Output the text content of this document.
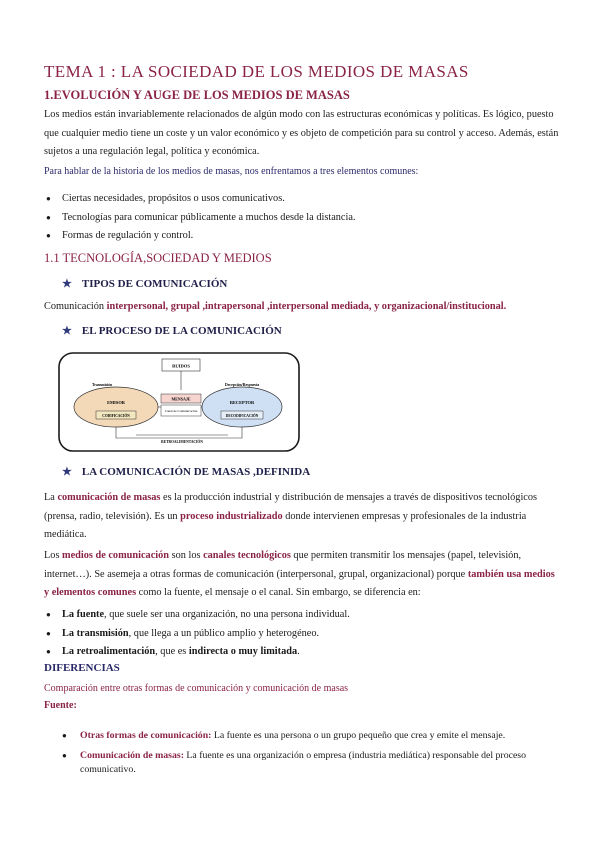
TEMA 1 : LA SOCIEDAD DE LOS MEDIOS DE MASAS
1.EVOLUCIÓN Y AUGE DE LOS MEDIOS DE MASAS
Los medios están invariablemente relacionados de algún modo con las estructuras económicas y políticas. Es lógico, puesto que cualquier medio tiene un coste y un valor económico y es objeto de competición para su control y acceso. Además, están sujetos a una regulación legal, política y económica.
Para hablar de la historia de los medios de masas, nos enfrentamos a tres elementos comunes:
● Ciertas necesidades, propósitos o usos comunicativos.
● Tecnologías para comunicar públicamente a muchos desde la distancia.
● Formas de regulación y control.
1.1 TECNOLOGÍA,SOCIEDAD Y MEDIOS
★ TIPOS DE COMUNICACIÓN
Comunicación interpersonal, grupal ,intrapersonal ,interpersonal mediada, y organizacional/institucional.
★ EL PROCESO DE LA COMUNICACIÓN
RUIDOS
Transmisión
EMISOR
CODIFICACIÓN
Decepción/Respuesta
RECEPTOR
DECODIFICACIÓN
MENSAJE
Canal de Comunicación
RETROALIMENTACIÓN
★ LA COMUNICACIÓN DE MASAS ,DEFINIDA
La comunicación de masas es la producción industrial y distribución de mensajes a través de dispositivos tecnológicos (prensa, radio, televisión). Es un proceso industrializado donde intervienen empresas y profesionales de la industria mediática.
Los medios de comunicación son los canales tecnológicos que permiten transmitir los mensajes (papel, televisión, internet…). Se asemeja a otras formas de comunicación (interpersonal, grupal, organizacional) porque también usa medios y elementos comunes como la fuente, el mensaje o el canal. Sin embargo, se diferencia en:
● La fuente, que suele ser una organización, no una persona individual.
● La transmisión, que llega a un público amplio y heterogéneo.
● La retroalimentación, que es indirecta o muy limitada.
DIFERENCIAS
Comparación entre otras formas de comunicación y comunicación de masas
Fuente:
● Otras formas de comunicación: La fuente es una persona o un grupo pequeño que crea y emite el mensaje.
● Comunicación de masas: La fuente es una organización o empresa (industria mediática) responsable del proceso comunicativo.
